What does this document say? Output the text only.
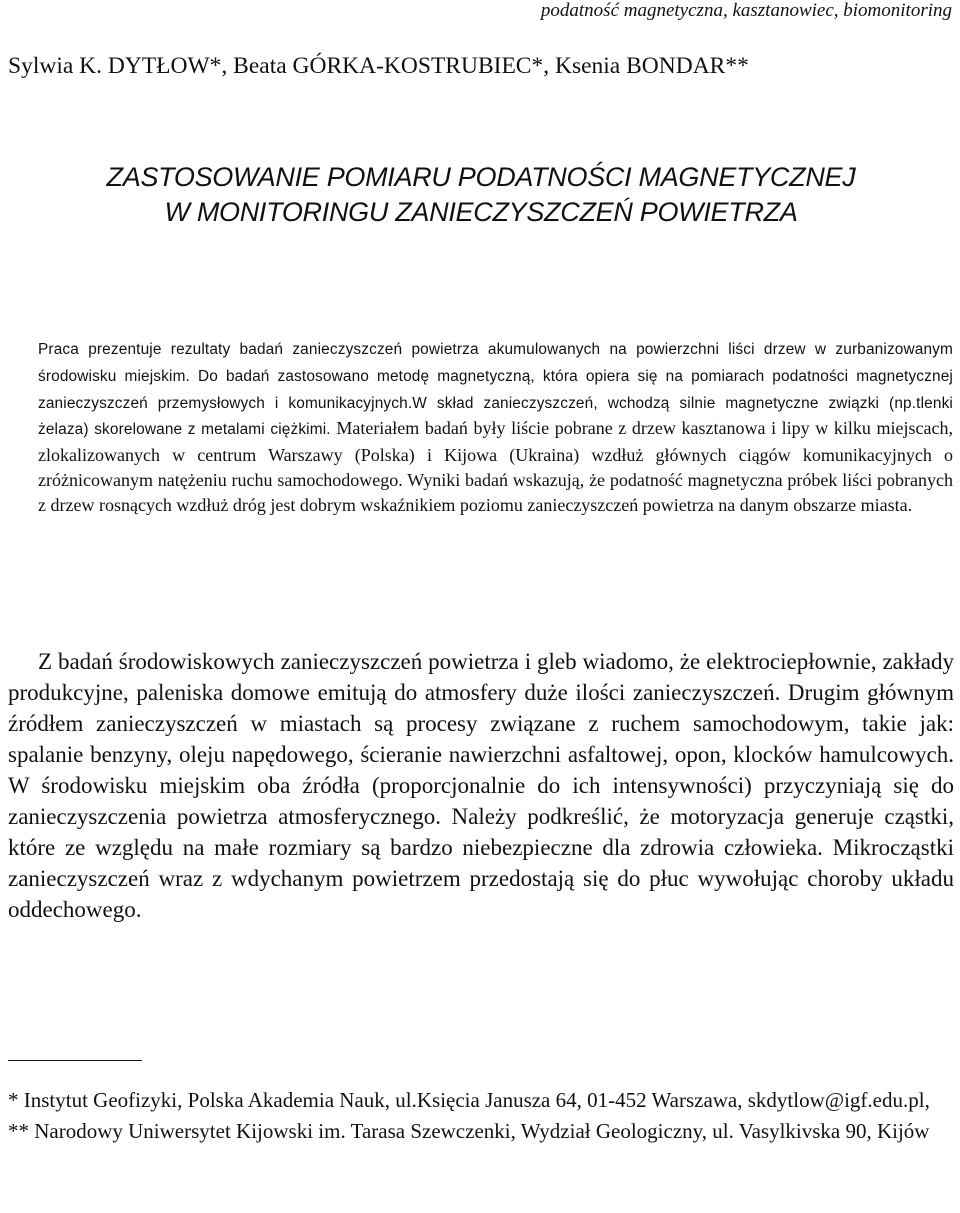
podatność magnetyczna, kasztanowiec, biomonitoring
Sylwia K. DYTŁOW*, Beata GÓRKA-KOSTRUBIEC*, Ksenia BONDAR**
ZASTOSOWANIE POMIARU PODATNOŚCI MAGNETYCZNEJ
W MONITORINGU ZANIECZYSZCZEŃ POWIETRZA
Praca prezentuje rezultaty badań zanieczyszczeń powietrza akumulowanych na powierzchni liści drzew w zurbanizowanym środowisku miejskim. Do badań zastosowano metodę magnetyczną, która opiera się na pomiarach podatności magnetycznej zanieczyszczeń przemysłowych i komunikacyjnych.W skład zanieczyszczeń, wchodzą silnie magnetyczne związki (np.tlenki żelaza) skorelowane z metalami ciężkimi. Materiałem badań były liście pobrane z drzew kasztanowa i lipy w kilku miejscach, zlokalizowanych w centrum Warszawy (Polska) i Kijowa (Ukraina) wzdłuż głównych ciągów komunikacyjnych o zróżnicowanym natężeniu ruchu samochodowego. Wyniki badań wskazują, że podatność magnetyczna próbek liści pobranych z drzew rosnących wzdłuż dróg jest dobrym wskaźnikiem poziomu zanieczyszczeń powietrza na danym obszarze miasta.
Z badań środowiskowych zanieczyszczeń powietrza i gleb wiadomo, że elektrociepłownie, zakłady produkcyjne, paleniska domowe emitują do atmosfery duże ilości zanieczyszczeń. Drugim głównym źródłem zanieczyszczeń w miastach są procesy związane z ruchem samochodowym, takie jak: spalanie benzyny, oleju napędowego, ścieranie nawierzchni asfaltowej, opon, klocków hamulcowych. W środowisku miejskim oba źródła (proporcjonalnie do ich intensywności) przyczyniają się do zanieczyszczenia powietrza atmosferycznego. Należy podkreślić, że motoryzacja generuje cząstki, które ze względu na małe rozmiary są bardzo niebezpieczne dla zdrowia człowieka. Mikrocząstki zanieczyszczeń wraz z wdychanym powietrzem przedostają się do płuc wywołując choroby układu oddechowego.

* Instytut Geofizyki, Polska Akademia Nauk, ul.Księcia Janusza 64, 01-452 Warszawa, skdytlow@igf.edu.pl,

** Narodowy Uniwersytet Kijowski im. Tarasa Szewczenki, Wydział Geologiczny, ul. Vasylkivska 90, Kijów
